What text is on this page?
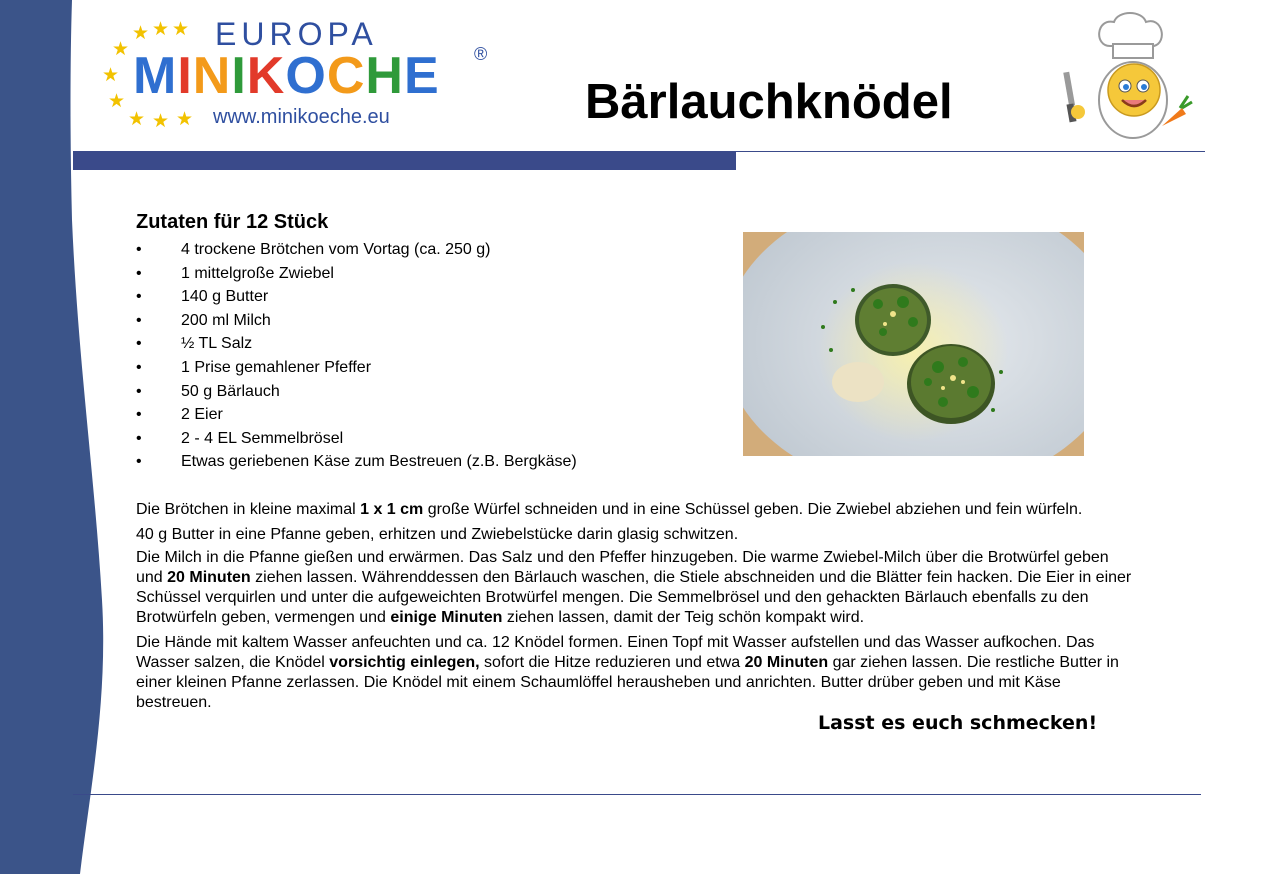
★
★
★
★
★
★ ★ ★
★ EUROPA
MINIKOCHE ®
www.minikoeche.eu	Bärlauchknödel
Zutaten für 12 Stück
• 4 trockene Brötchen vom Vortag (ca. 250 g)
• 1 mittelgroße Zwiebel
• 140 g Butter
• 200 ml Milch
• ½ TL Salz
• 1 Prise gemahlener Pfeffer
• 50 g Bärlauch
• 2 Eier
• 2 - 4 EL Semmelbrösel
• Etwas geriebenen Käse zum Bestreuen (z.B. Bergkäse)

Die Brötchen in kleine maximal 1 x 1 cm große Würfel schneiden und in eine Schüssel geben. Die Zwiebel abziehen und fein würfeln.

40 g Butter in eine Pfanne geben, erhitzen und Zwiebelstücke darin glasig schwitzen.

Die Milch in die Pfanne gießen und erwärmen. Das Salz und den Pfeffer hinzugeben. Die warme Zwiebel-Milch über die Brotwürfel geben und 20 Minuten ziehen lassen. Währenddessen den Bärlauch waschen, die Stiele abschneiden und die Blätter fein hacken. Die Eier in einer Schüssel verquirlen und unter die aufgeweichten Brotwürfel mengen. Die Semmelbrösel und den gehackten Bärlauch ebenfalls zu den Brotwürfeln geben, vermengen und einige Minuten ziehen lassen, damit der Teig schön kompakt wird.

Die Hände mit kaltem Wasser anfeuchten und ca. 12 Knödel formen. Einen Topf mit Wasser aufstellen und das Wasser aufkochen. Das Wasser salzen, die Knödel vorsichtig einlegen, sofort die Hitze reduzieren und etwa 20 Minuten gar ziehen lassen. Die restliche Butter in einer kleinen Pfanne zerlassen. Die Knödel mit einem Schaumlöffel herausheben und anrichten. Butter drüber geben und mit Käse bestreuen.

Lasst es euch schmecken!
